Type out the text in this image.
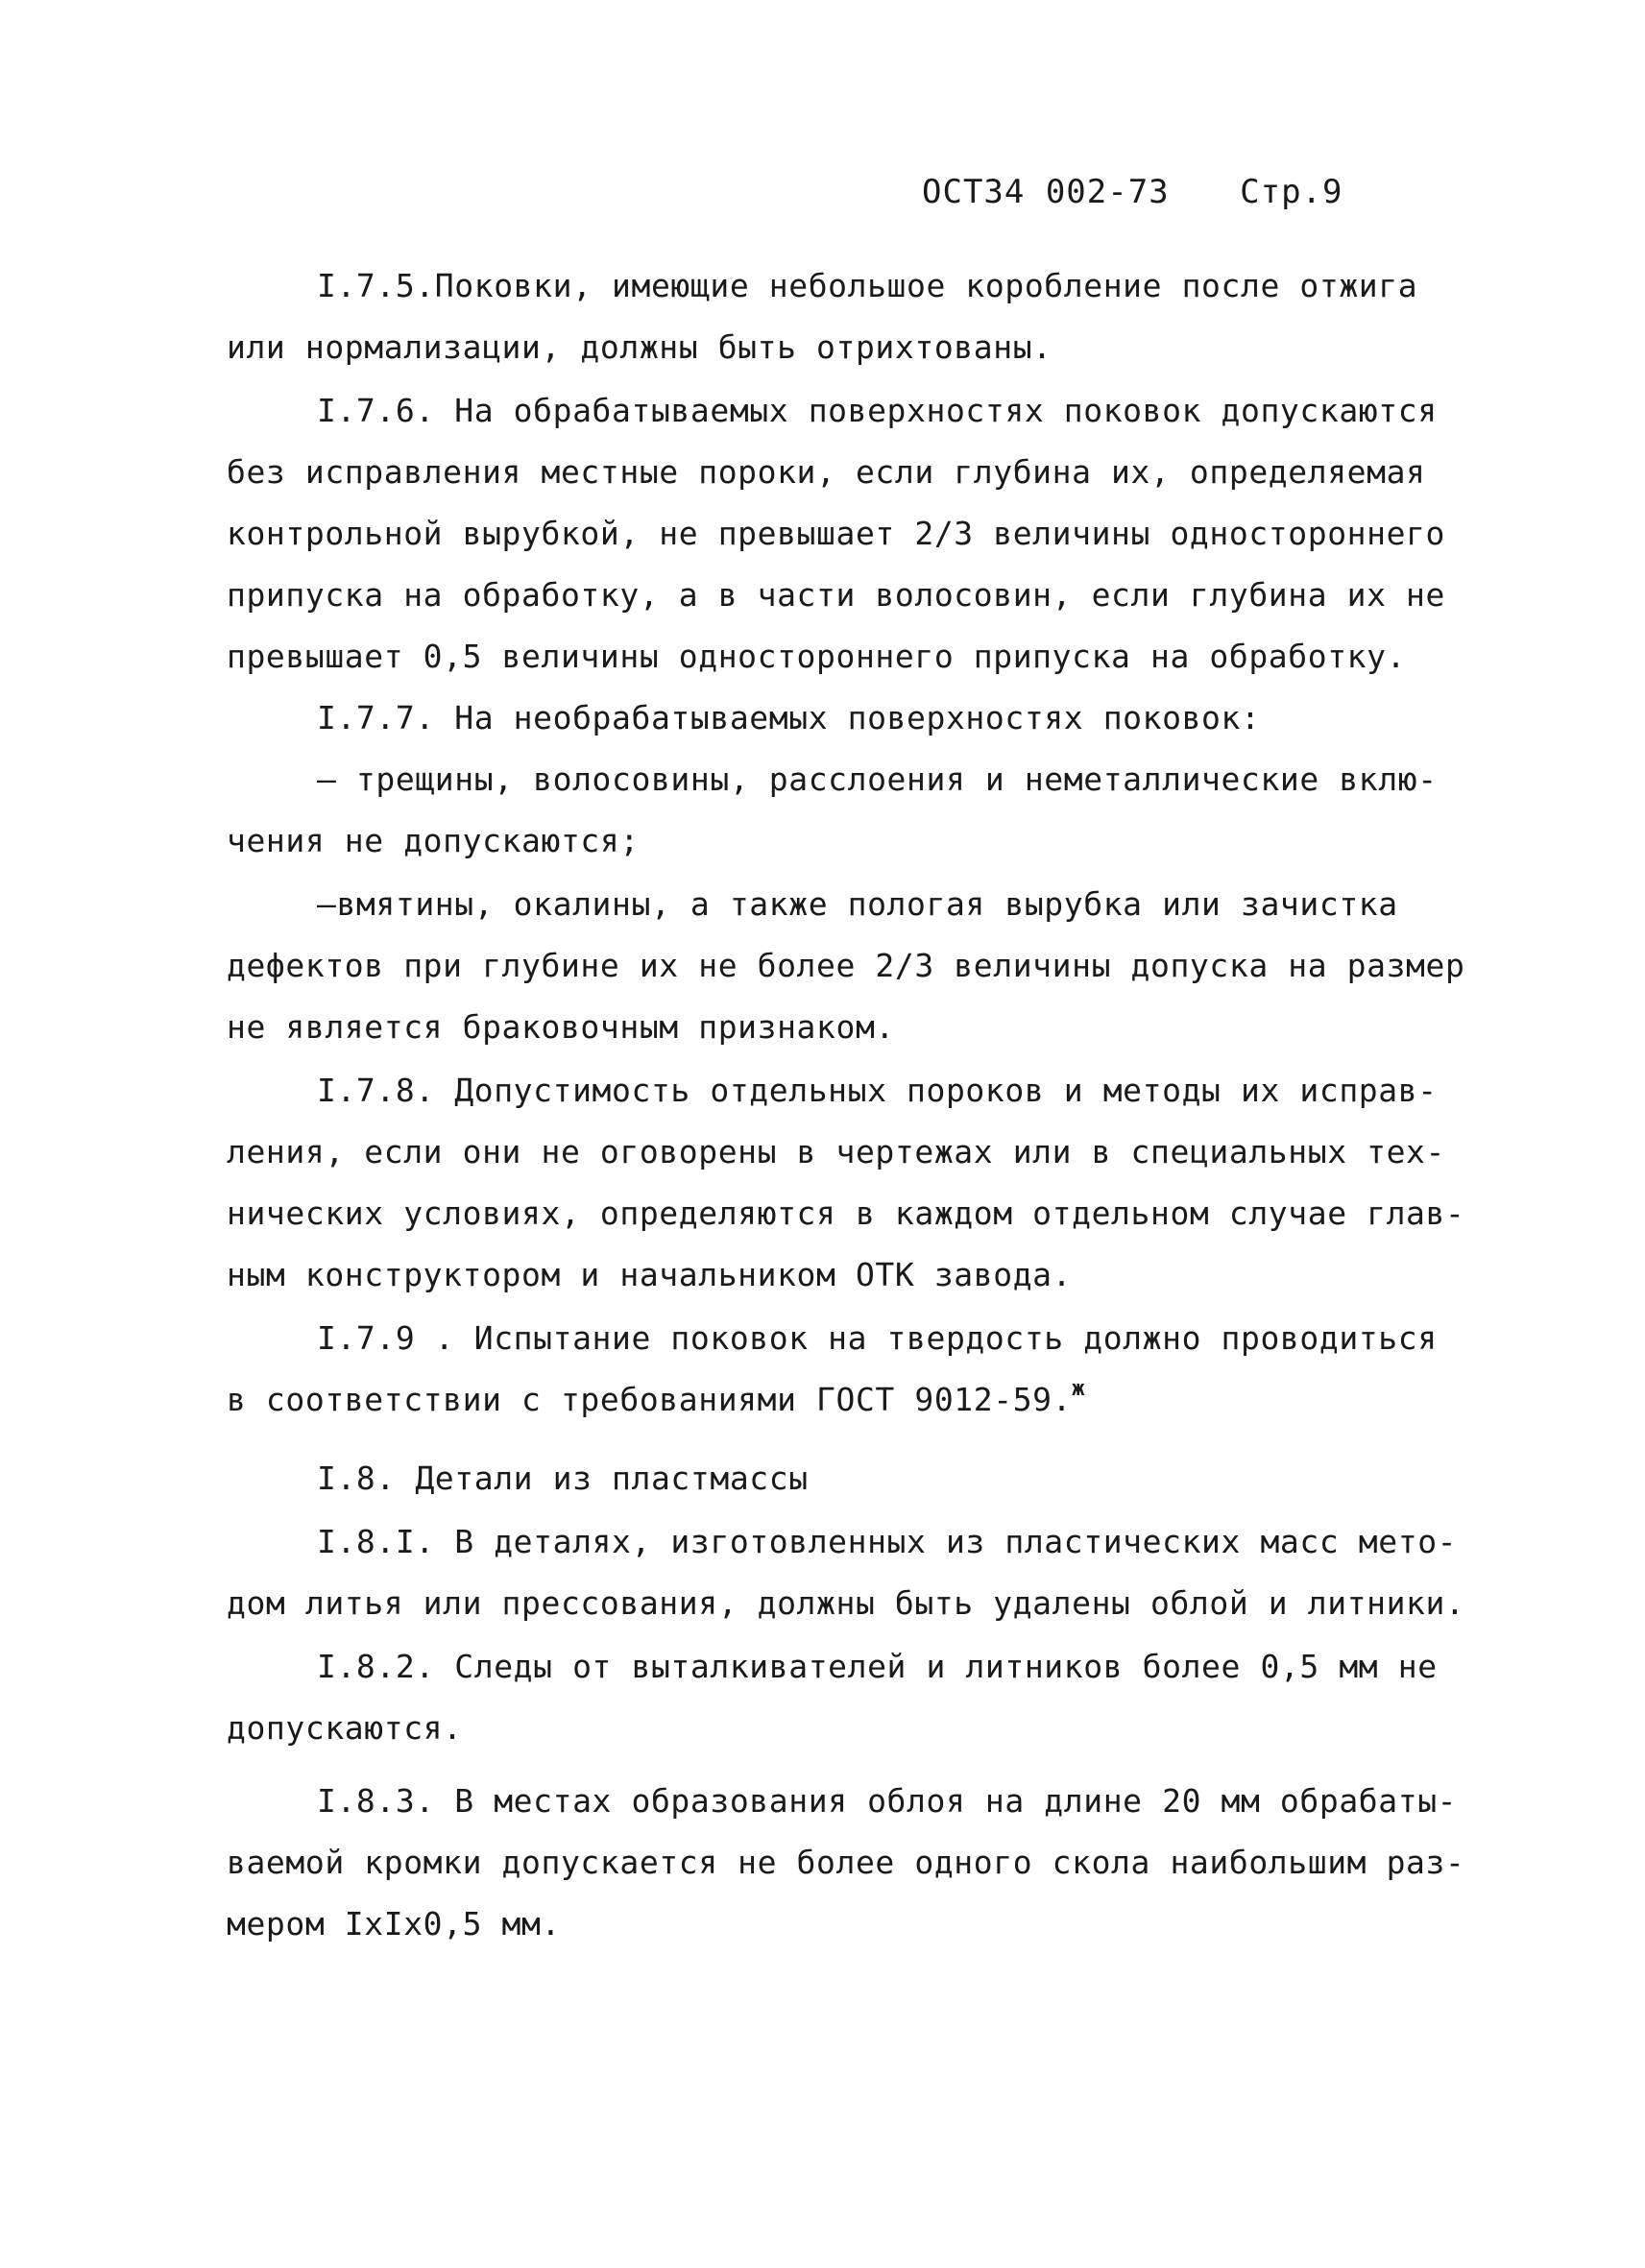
ОСТ34 002-73 Стр.9
I.7.5.Поковки, имеющие небольшое коробление после отжига
или нормализации, должны быть отрихтованы.
I.7.6. На обрабатываемых поверхностях поковок допускаются
без исправления местные пороки, если глубина их, определяемая
контрольной вырубкой, не превышает 2/3 величины одностороннего
припуска на обработку, а в части волосовин, если глубина их не
превышает 0,5 величины одностороннего припуска на обработку.
I.7.7. На необрабатываемых поверхностях поковок:
– трещины, волосовины, расслоения и неметаллические вклю-
чения не допускаются;
–вмятины, окалины, а также пологая вырубка или зачистка
дефектов при глубине их не более 2/3 величины допуска на размер
не является браковочным признаком.
I.7.8. Допустимость отдельных пороков и методы их исправ-
ления, если они не оговорены в чертежах или в специальных тех-
нических условиях, определяются в каждом отдельном случае глав-
ным конструктором и начальником ОТК завода.
I.7.9 . Испытание поковок на твердость должно проводиться
в соответствии с требованиями ГОСТ 9012-59.$^ж$
I.8. Детали из пластмассы
I.8.I. В деталях, изготовленных из пластических масс мето-
дом литья или прессования, должны быть удалены облой и литники.
I.8.2. Следы от выталкивателей и литников более 0,5 мм не
допускаются.
I.8.3. В местах образования облоя на длине 20 мм обрабаты-
ваемой кромки допускается не более одного скола наибольшим раз-
мером IxIx0,5 мм.
